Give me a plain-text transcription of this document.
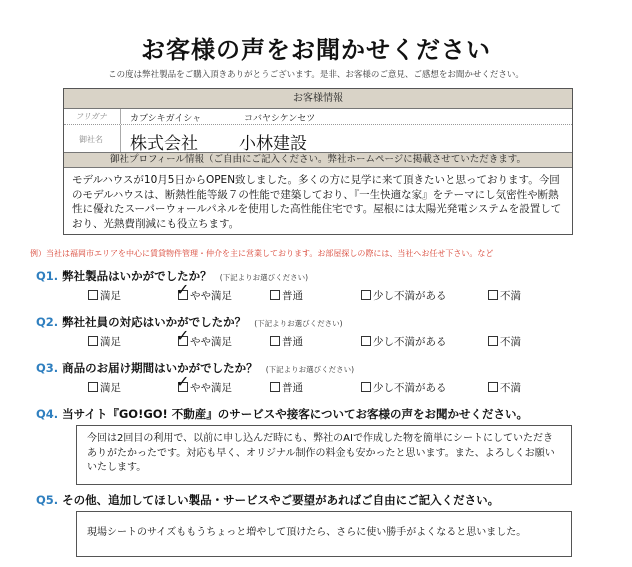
お客様の声をお聞かせください
この度は弊社製品をご購入頂きありがとうございます。是非、お客様のご意見、ご感想をお聞かせください。
お客様情報
フリガナ	カブシキガイシャ	コバヤシケンセツ
御社名	株式会社 小林建設
御社プロフィール情報（ご自由にご記入ください。弊社ホームページに掲載させていただきます。
モデルハウスが10月5日からOPEN致しました。多くの方に見学に来て頂きたいと思っております。今回のモデルハウスは、断熱性能等級７の性能で建築しており、『一生快適な家』をテーマにし気密性や断熱性に優れたスーパーウォールパネルを使用した高性能住宅です。屋根には太陽光発電システムを設置しており、光熱費削減にも役立ちます。
例）当社は福岡市エリアを中心に賃貸物件管理・仲介を主に営業しております。お部屋探しの際には、当社へお任せ下さい。など
Q1. 弊社製品はいかがでしたか？ (下記よりお選びください)
満足	やや満足
✓	普通	少し不満がある	不満
Q2. 弊社社員の対応はいかがでしたか？ (下記よりお選びください)
満足	やや満足
✓	普通	少し不満がある	不満
Q3. 商品のお届け期間はいかがでしたか？ (下記よりお選びください)
満足	やや満足
✓	普通	少し不満がある	不満
Q4. 当サイト『GO!GO! 不動産』のサービスや接客についてお客様の声をお聞かせください。
今回は2回目の利用で、以前に申し込んだ時にも、弊社のAIで作成した物を簡単にシートにしていただきありがたかったです。対応も早く、オリジナル制作の料金も安かったと思います。また、よろしくお願いいたします。
Q5. その他、追加してほしい製品・サービスやご要望があればご自由にご記入ください。
現場シートのサイズももうちょっと増やして頂けたら、さらに使い勝手がよくなると思いました。
